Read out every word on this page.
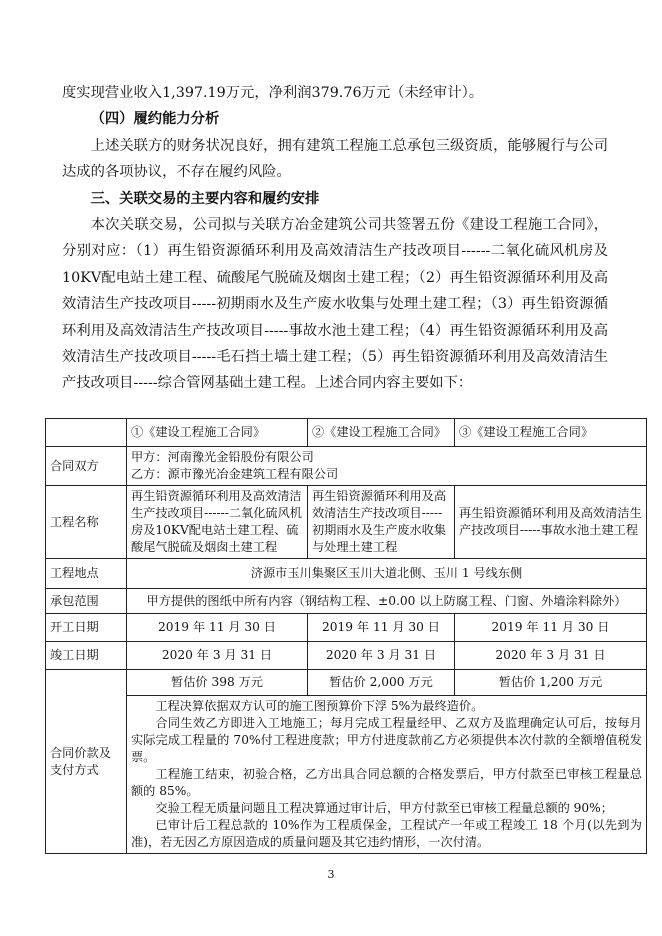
度实现营业收入1,397.19万元，净利润379.76万元（未经审计）。

（四）履约能力分析

上述关联方的财务状况良好，拥有建筑工程施工总承包三级资质，能够履行与公司达成的各项协议，不存在履约风险。

三、关联交易的主要内容和履约安排

本次关联交易，公司拟与关联方冶金建筑公司共签署五份《建设工程施工合同》，分别对应：（1）再生铅资源循环利用及高效清洁生产技改项目------二氧化硫风机房及10KV配电站土建工程、硫酸尾气脱硫及烟囱土建工程；（2）再生铅资源循环利用及高效清洁生产技改项目-----初期雨水及生产废水收集与处理土建工程；（3）再生铅资源循环利用及高效清洁生产技改项目-----事故水池土建工程；（4）再生铅资源循环利用及高效清洁生产技改项目-----毛石挡土墙土建工程；（5）再生铅资源循环利用及高效清洁生产技改项目-----综合管网基础土建工程。上述合同内容主要如下：

	①《建设工程施工合同》	②《建设工程施工合同》	③《建设工程施工合同》
合同双方	甲方：河南豫光金铅股份有限公司
乙方：源市豫光冶金建筑工程有限公司		

工程名称	再生铅资源循环利用及高效清洁生产技改项目------二氧化硫风机房及10KV配电站土建工程、硫酸尾气脱硫及烟囱土建工程	再生铅资源循环利用及高效清洁生产技改项目-----初期雨水及生产废水收集与处理土建工程	再生铅资源循环利用及高效清洁生产技改项目-----事故水池土建工程
工程地点	济源市玉川集聚区玉川大道北侧、玉川 1 号线东侧		
承包范围	甲方提供的图纸中所有内容（钢结构工程、±0.00 以上防腐工程、门窗、外墙涂料除外）		
开工日期	2019 年 11 月 30 日	2019 年 11 月 30 日	2019 年 11 月 30 日
竣工日期	2020 年 3 月 31 日	2020 年 3 月 31 日	2020 年 3 月 31 日
合同价款及支付方式	暂估价 398 万元	暂估价 2,000 万元	暂估价 1,200 万元

	工程决算依据双方认可的施工图预算价下浮 5%为最终造价。

合同生效乙方即进入工地施工；每月完成工程量经甲、乙双方及监理确定认可后，按每月实际完成工程量的 70%付工程进度款；甲方付进度款前乙方必须提供本次付款的全额增值税发票。

工程施工结束，初验合格，乙方出具合同总额的合格发票后，甲方付款至已审核工程量总额的 85%。

交验工程无质量问题且工程决算通过审计后，甲方付款至已审核工程量总额的 90%；

已审计后工程总款的 10%作为工程质保金，工程试产一年或工程竣工 18 个月(以先到为准)，若无因乙方原因造成的质量问题及其它违约情形，一次付清。		

3
